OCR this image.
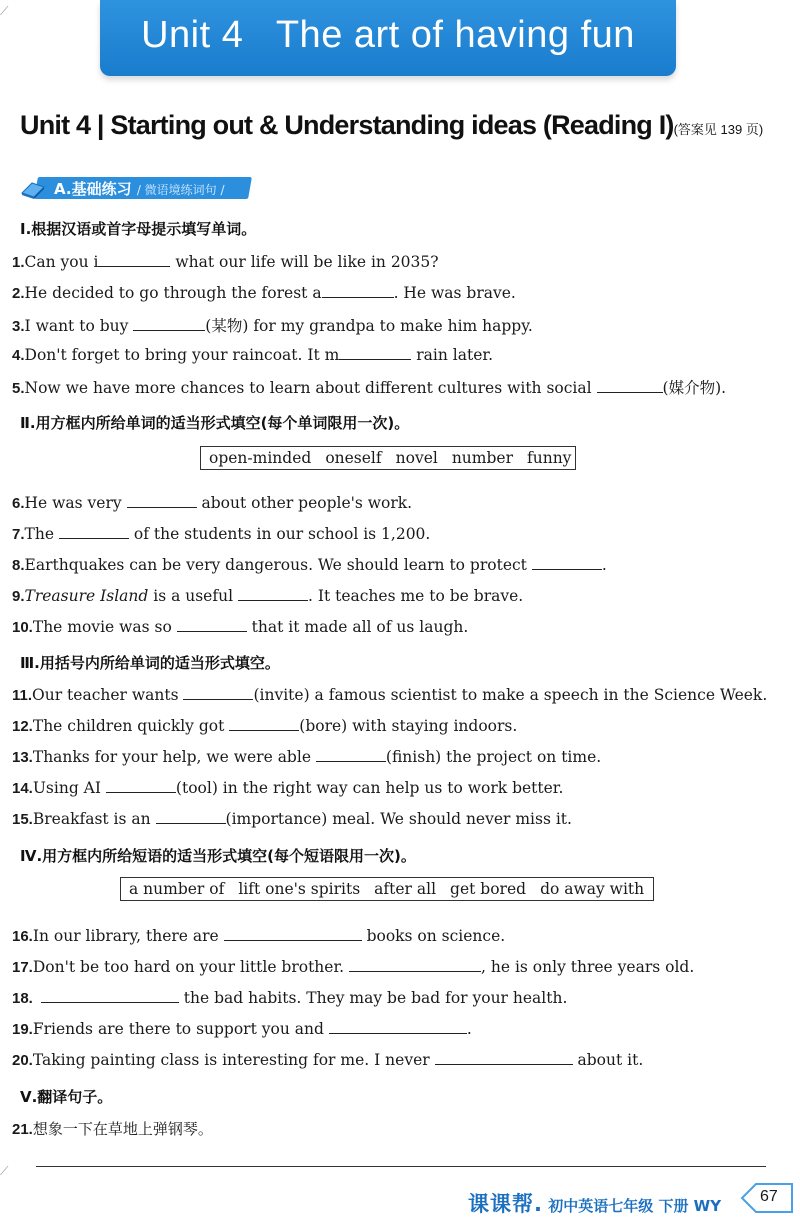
⟋
⟋
Unit 4   The art of having fun
Unit 4 | Starting out & Understanding ideas (Reading I)(答案见 139 页)
A.基础练习 / 微语境练词句 /
Ⅰ.根据汉语或首字母提示填写单词。
1.Can you i	what our life will be like in 2035?
2.He decided to go through the forest a	. He was brave.
3.I want to buy	(某物) for my grandpa to make him happy.
4.Don't forget to bring your raincoat. It m	rain later.
5.Now we have more chances to learn about different cultures with social	(媒介物).
Ⅱ.用方框内所给单词的适当形式填空(每个单词限用一次)。
open-minded oneself novel number funny
6.He was very	about other people's work.
7.The	of the students in our school is 1,200.
8.Earthquakes can be very dangerous. We should learn to protect	.
9.Treasure Island is a useful	. It teaches me to be brave.
10.The movie was so	that it made all of us laugh.
Ⅲ.用括号内所给单词的适当形式填空。
11.Our teacher wants	(invite) a famous scientist to make a speech in the Science Week.
12.The children quickly got	(bore) with staying indoors.
13.Thanks for your help, we were able	(finish) the project on time.
14.Using AI	(tool) in the right way can help us to work better.
15.Breakfast is an	(importance) meal. We should never miss it.
Ⅳ.用方框内所给短语的适当形式填空(每个短语限用一次)。
a number of lift one's spirits after all get bored do away with
16.In our library, there are	books on science.
17.Don't be too hard on your little brother.	, he is only three years old.
18.	the bad habits. They may be bad for your health.
19.Friends are there to support you and	.
20.Taking painting class is interesting for me. I never	about it.
Ⅴ.翻译句子。
21.想象一下在草地上弹钢琴。
课课帮. 初中英语七年级 下册 WY
67
